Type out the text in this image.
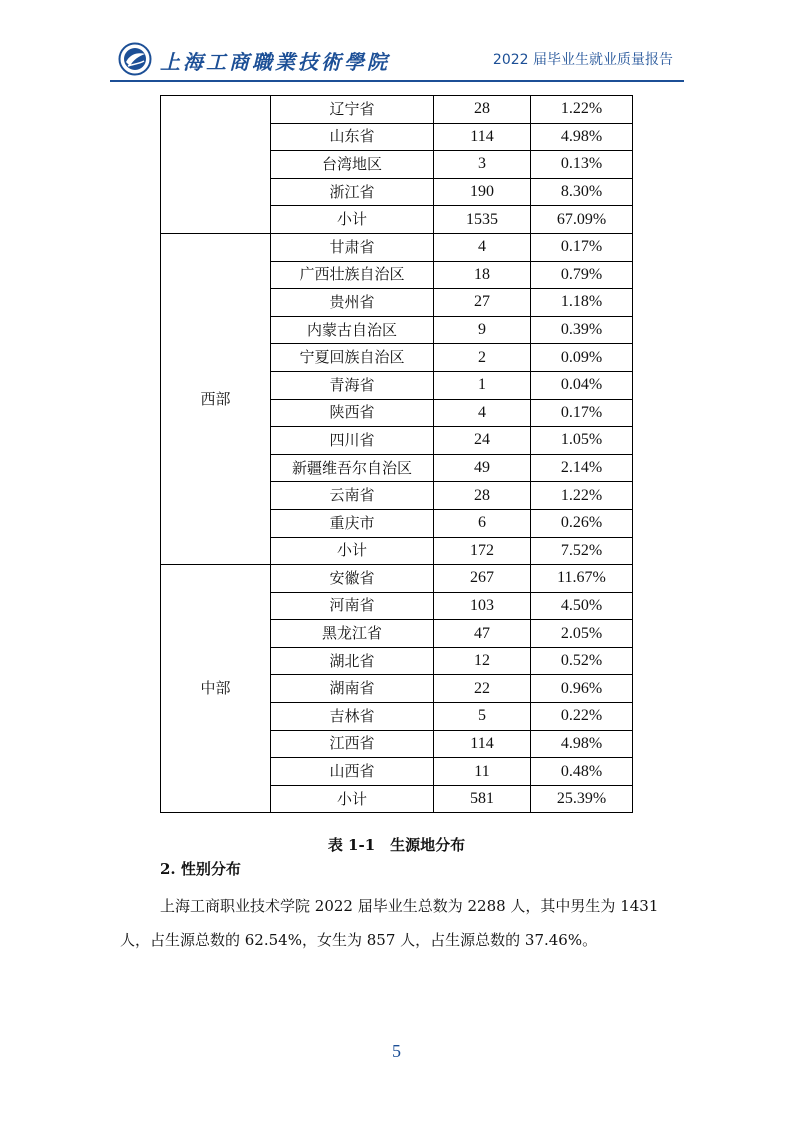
上海工商職業技術學院	2022 届毕业生就业质量报告
	辽宁省	28	1.22%
	山东省	114	4.98%
	台湾地区	3	0.13%
	浙江省	190	8.30%
	小计	1535	67.09%
西部	甘肃省	4	0.17%
	广西壮族自治区	18	0.79%
	贵州省	27	1.18%
	内蒙古自治区	9	0.39%
	宁夏回族自治区	2	0.09%
	青海省	1	0.04%
	陕西省	4	0.17%
	四川省	24	1.05%
	新疆维吾尔自治区	49	2.14%
	云南省	28	1.22%
	重庆市	6	0.26%
	小计	172	7.52%
中部	安徽省	267	11.67%
	河南省	103	4.50%
	黑龙江省	47	2.05%
	湖北省	12	0.52%
	湖南省	22	0.96%
	吉林省	5	0.22%
	江西省	114	4.98%
	山西省	11	0.48%
	小计	581	25.39%
表 1-1　生源地分布
2. 性别分布
上海工商职业技术学院 2022 届毕业生总数为 2288 人，其中男生为 1431 人，占生源总数的 62.54%，女生为 857 人，占生源总数的 37.46%。
5
